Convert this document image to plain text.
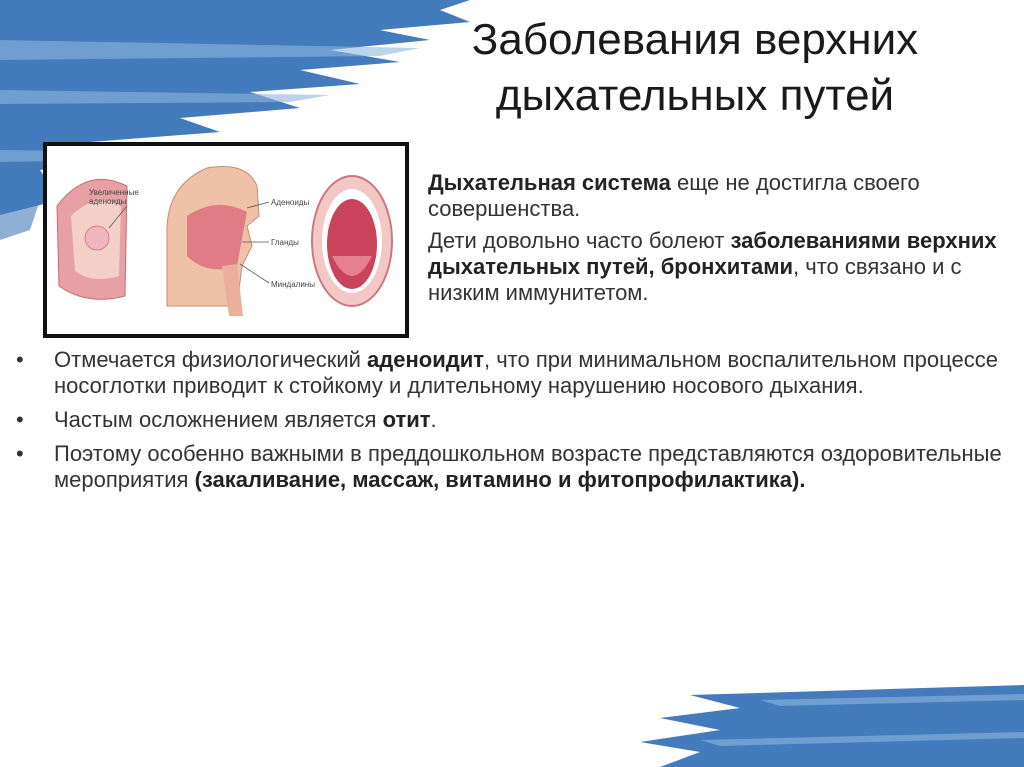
Заболевания верхних
дыхательных путей
Увеличенные
аденоиды	Аденоиды
Гланды
Миндалины

Дыхательная система еще не достигла своего совершенства.

Дети довольно часто болеют заболеваниями верхних дыхательных путей, бронхитами, что связано и с низким иммунитетом.

•	Отмечается физиологический аденоидит, что при минимальном воспалительном процессе носоглотки приводит к стойкому и длительному нарушению носового дыхания.
•	Частым осложнением является отит.
•	Поэтому особенно важными в преддошкольном возрасте представляются оздоровительные мероприятия (закаливание, массаж, витамино и фитопрофилактика).
